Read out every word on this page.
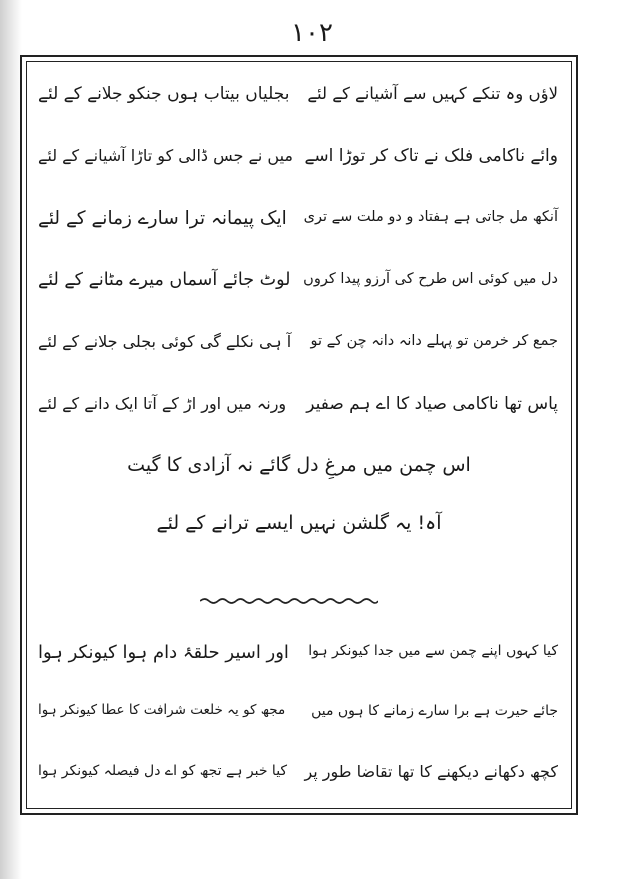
۱۰۲
لاؤں وہ تنکے کہیں سے آشیانے کے لئے
بجلیاں بیتاب ہوں جنکو جلانے کے لئے
وائے ناکامی فلک نے تاک کر توڑا اسے
میں نے جس ڈالی کو تاڑا آشیانے کے لئے
آنکھ مل جاتی ہے ہفتاد و دو ملت سے تری
ایک پیمانہ ترا سارے زمانے کے لئے
دل میں کوئی اس طرح کی آرزو پیدا کروں
لوٹ جائے آسماں میرے مٹانے کے لئے
جمع کر خرمن تو پہلے دانہ دانہ چن کے تو
آ ہی نکلے گی کوئی بجلی جلانے کے لئے
پاس تھا ناکامی صیاد کا اے ہم صفیر
ورنہ میں اور اڑ کے آتا ایک دانے کے لئے
اس چمن میں مرغِ دل گائے نہ آزادی کا گیت
آہ! یہ گلشن نہیں ایسے ترانے کے لئے
کیا کہوں اپنے چمن سے میں جدا کیونکر ہوا
اور اسیر حلقۂ دام ہوا کیونکر ہوا
جائے حیرت ہے برا سارے زمانے کا ہوں میں
مجھ کو یہ خلعت شرافت کا عطا کیونکر ہوا
کچھ دکھانے دیکھنے کا تھا تقاضا طور پر
کیا خبر ہے تجھ کو اے دل فیصلہ کیونکر ہوا
